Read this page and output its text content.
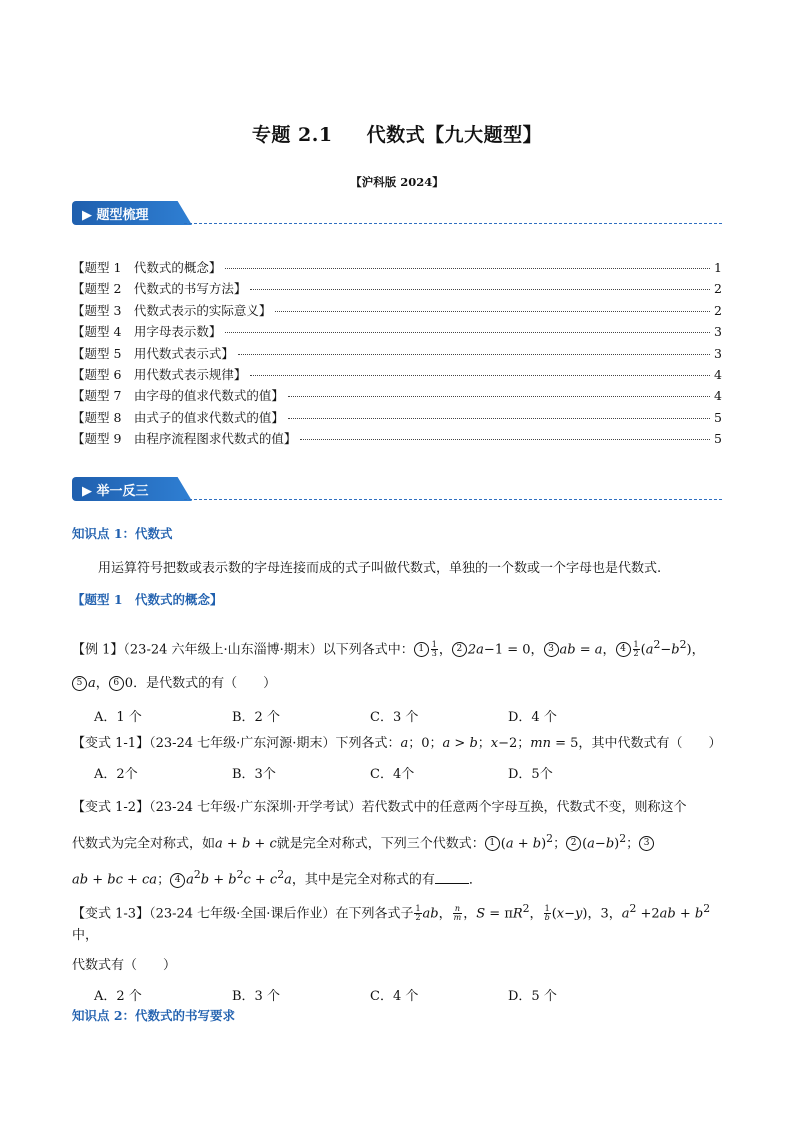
专题 2.1 代数式【九大题型】
【沪科版 2024】
▶ 题型梳理
【题型 1　代数式的概念】	1
【题型 2　代数式的书写方法】	2
【题型 3　代数式表示的实际意义】	2
【题型 4　用字母表示数】	3
【题型 5　用代数式表示式】	3
【题型 6　用代数式表示规律】	4
【题型 7　由字母的值求代数式的值】	4
【题型 8　由式子的值求代数式的值】	5
【题型 9　由程序流程图求代数式的值】	5
▶ 举一反三
知识点 1：代数式
用运算符号把数或表示数的字母连接而成的式子叫做代数式，单独的一个数或一个字母也是代数式.
【题型 1　代数式的概念】
【例 1】（23-24 六年级上·山东淄博·期末）以下列各式中： $1 \frac{1}{3}$ ， 2 2a−1 = 0， 3 ab = a， $4 \frac{1}{2} (a^2-b^2)$，
5 a， 6 0．是代数式的有（　　）
A．1 个	B．2 个	C．3 个	D．4 个
【变式 1-1】（23-24 七年级·广东河源·期末）下列各式：a；0；a > b；x−2；mn = 5，其中代数式有（　　）
A．2个	B．3个	C．4个	D．5个
【变式 1-2】（23-24 七年级·广东深圳·开学考试）若代数式中的任意两个字母互换，代数式不变，则称这个
代数式为完全对称式，如a + b + c就是完全对称式，下列三个代数式： 1 $(a + b)^2$； 2 $(a-b)^2$； 3
ab + bc + ca； 4 $a^2b + b^2c + c^2a$，其中是完全对称式的有	．
【变式 1-3】（23-24 七年级·全国·课后作业）在下列各式子 $\frac{1}{2}$ ab， $\frac{n}{m}$ ，$S = \pi R^2$， $\frac{1}{b} (x-y)$，3，$a^2 +2ab + b^2$中，
代数式有（　　）
A．2 个	B．3 个	C．4 个	D．5 个
知识点 2：代数式的书写要求
